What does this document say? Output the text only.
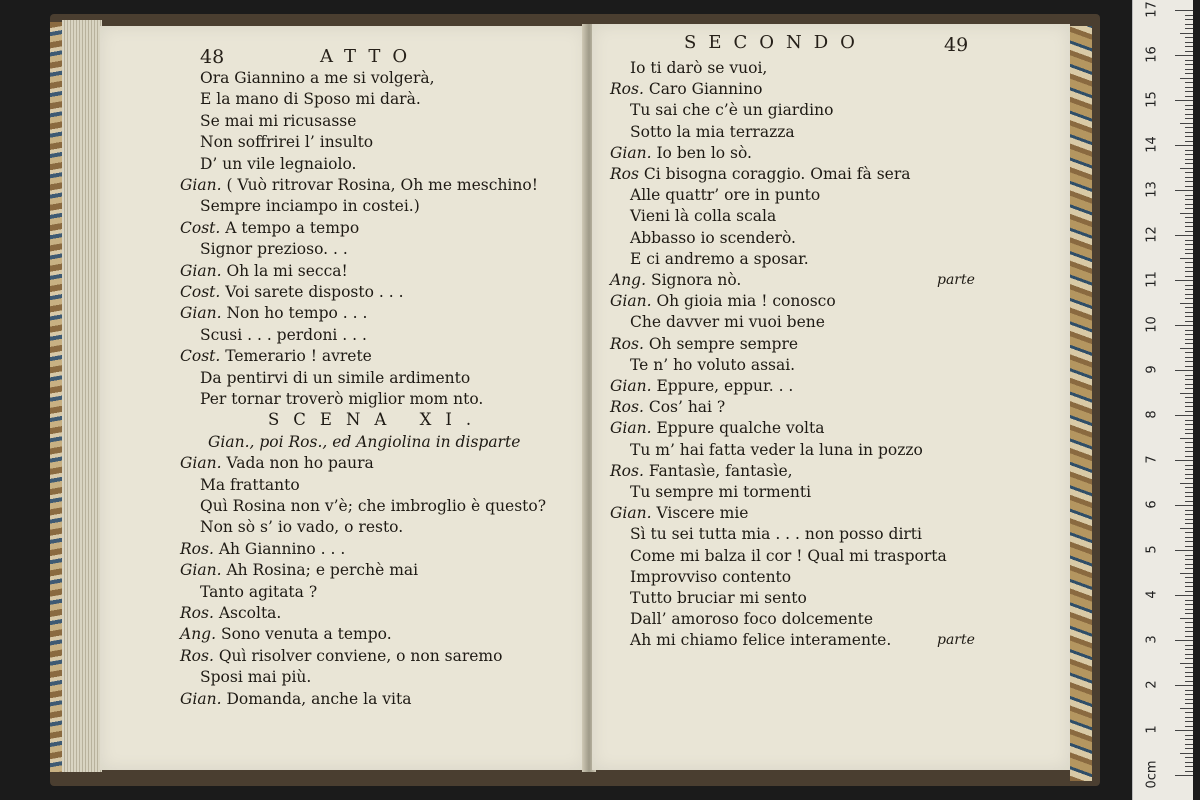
48	ATTO
Ora Giannino a me si volgerà,
E la mano di Sposo mi darà.
Se mai mi ricusasse
Non soffrirei l’ insulto
D’ un vile legnaiolo.
Gian. ( Vuò ritrovar Rosina, Oh me meschino!
Sempre inciampo in costei.)
Cost. A tempo a tempo
Signor prezioso. . .
Gian. Oh la mi secca!
Cost. Voi sarete disposto . . .
Gian. Non ho tempo . . .
Scusi . . . perdoni . . .
Cost. Temerario ! avrete
Da pentirvi di un simile ardimento
Per tornar troverò miglior mom nto.
SCENA XI.
Gian., poi Ros., ed Angiolina in disparte
Gian. Vada non ho paura
Ma frattanto
Quì Rosina non v’è; che imbroglio è questo?
Non sò s’ io vado, o resto.
Ros. Ah Giannino . . .
Gian. Ah Rosina; e perchè mai
Tanto agitata ?
Ros. Ascolta.
Ang. Sono venuta a tempo.
Ros. Quì risolver conviene, o non saremo
Sposi mai più.
Gian. Domanda, anche la vita
SECONDO	49
Io ti darò se vuoi,
Ros. Caro Giannino
Tu sai che c’è un giardino
Sotto la mia terrazza
Gian. Io ben lo sò.
Ros Ci bisogna coraggio. Omai fà sera
Alle quattr’ ore in punto
Vieni là colla scala
Abbasso io scenderò.
E ci andremo a sposar.
Ang. Signora nò.	parte
Gian. Oh gioia mia ! conosco
Che davver mi vuoi bene
Ros. Oh sempre sempre
Te n’ ho voluto assai.
Gian. Eppure, eppur. . .
Ros. Cos’ hai ?
Gian. Eppure qualche volta
Tu m’ hai fatta veder la luna in pozzo
Ros. Fantasìe, fantasìe,
Tu sempre mi tormenti
Gian. Viscere mie
Sì tu sei tutta mia . . . non posso dirti
Come mi balza il cor ! Qual mi trasporta
Improvviso contento
Tutto bruciar mi sento
Dall’ amoroso foco dolcemente
Ah mi chiamo felice interamente.	parte
17
16
15
14
13
12
11
10
9
8
7
6
5
4
3
2
1
0cm
